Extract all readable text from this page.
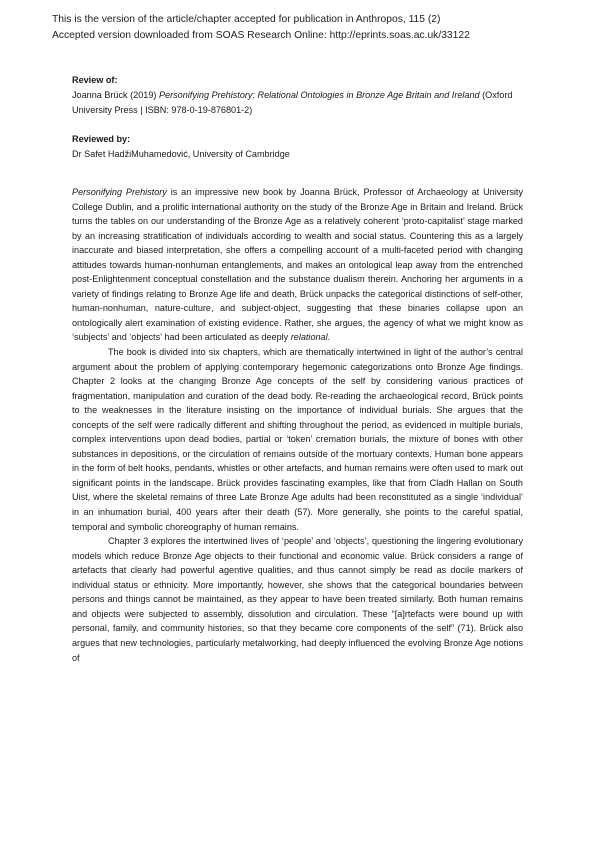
This is the version of the article/chapter accepted for publication in Anthropos, 115 (2)
Accepted version downloaded from SOAS Research Online: http://eprints.soas.ac.uk/33122
Review of:
Joanna Brück (2019) Personifying Prehistory: Relational Ontologies in Bronze Age Britain and Ireland (Oxford University Press | ISBN: 978-0-19-876801-2)
Reviewed by:
Dr Safet HadžiMuhamedović, University of Cambridge

Personifying Prehistory is an impressive new book by Joanna Brück, Professor of Archaeology at University College Dublin, and a prolific international authority on the study of the Bronze Age in Britain and Ireland. Brück turns the tables on our understanding of the Bronze Age as a relatively coherent ‘proto-capitalist’ stage marked by an increasing stratification of individuals according to wealth and social status. Countering this as a largely inaccurate and biased interpretation, she offers a compelling account of a multi-faceted period with changing attitudes towards human-nonhuman entanglements, and makes an ontological leap away from the entrenched post-Enlightenment conceptual constellation and the substance dualism therein. Anchoring her arguments in a variety of findings relating to Bronze Age life and death, Brück unpacks the categorical distinctions of self-other, human-nonhuman, nature-culture, and subject-object, suggesting that these binaries collapse upon an ontologically alert examination of existing evidence. Rather, she argues, the agency of what we might know as ‘subjects’ and ‘objects’ had been articulated as deeply relational.

The book is divided into six chapters, which are thematically intertwined in light of the author’s central argument about the problem of applying contemporary hegemonic categorizations onto Bronze Age findings. Chapter 2 looks at the changing Bronze Age concepts of the self by considering various practices of fragmentation, manipulation and curation of the dead body. Re-reading the archaeological record, Brück points to the weaknesses in the literature insisting on the importance of individual burials. She argues that the concepts of the self were radically different and shifting throughout the period, as evidenced in multiple burials, complex interventions upon dead bodies, partial or ‘token’ cremation burials, the mixture of bones with other substances in depositions, or the circulation of remains outside of the mortuary contexts. Human bone appears in the form of belt hooks, pendants, whistles or other artefacts, and human remains were often used to mark out significant points in the landscape. Brück provides fascinating examples, like that from Cladh Hallan on South Uist, where the skeletal remains of three Late Bronze Age adults had been reconstituted as a single ‘individual’ in an inhumation burial, 400 years after their death (57). More generally, she points to the careful spatial, temporal and symbolic choreography of human remains.

Chapter 3 explores the intertwined lives of ‘people’ and ‘objects’, questioning the lingering evolutionary models which reduce Bronze Age objects to their functional and economic value. Brück considers a range of artefacts that clearly had powerful agentive qualities, and thus cannot simply be read as docile markers of individual status or ethnicity. More importantly, however, she shows that the categorical boundaries between persons and things cannot be maintained, as they appear to have been treated similarly. Both human remains and objects were subjected to assembly, dissolution and circulation. These “[a]rtefacts were bound up with personal, family, and community histories, so that they became core components of the self” (71). Brück also argues that new technologies, particularly metalworking, had deeply influenced the evolving Bronze Age notions of
